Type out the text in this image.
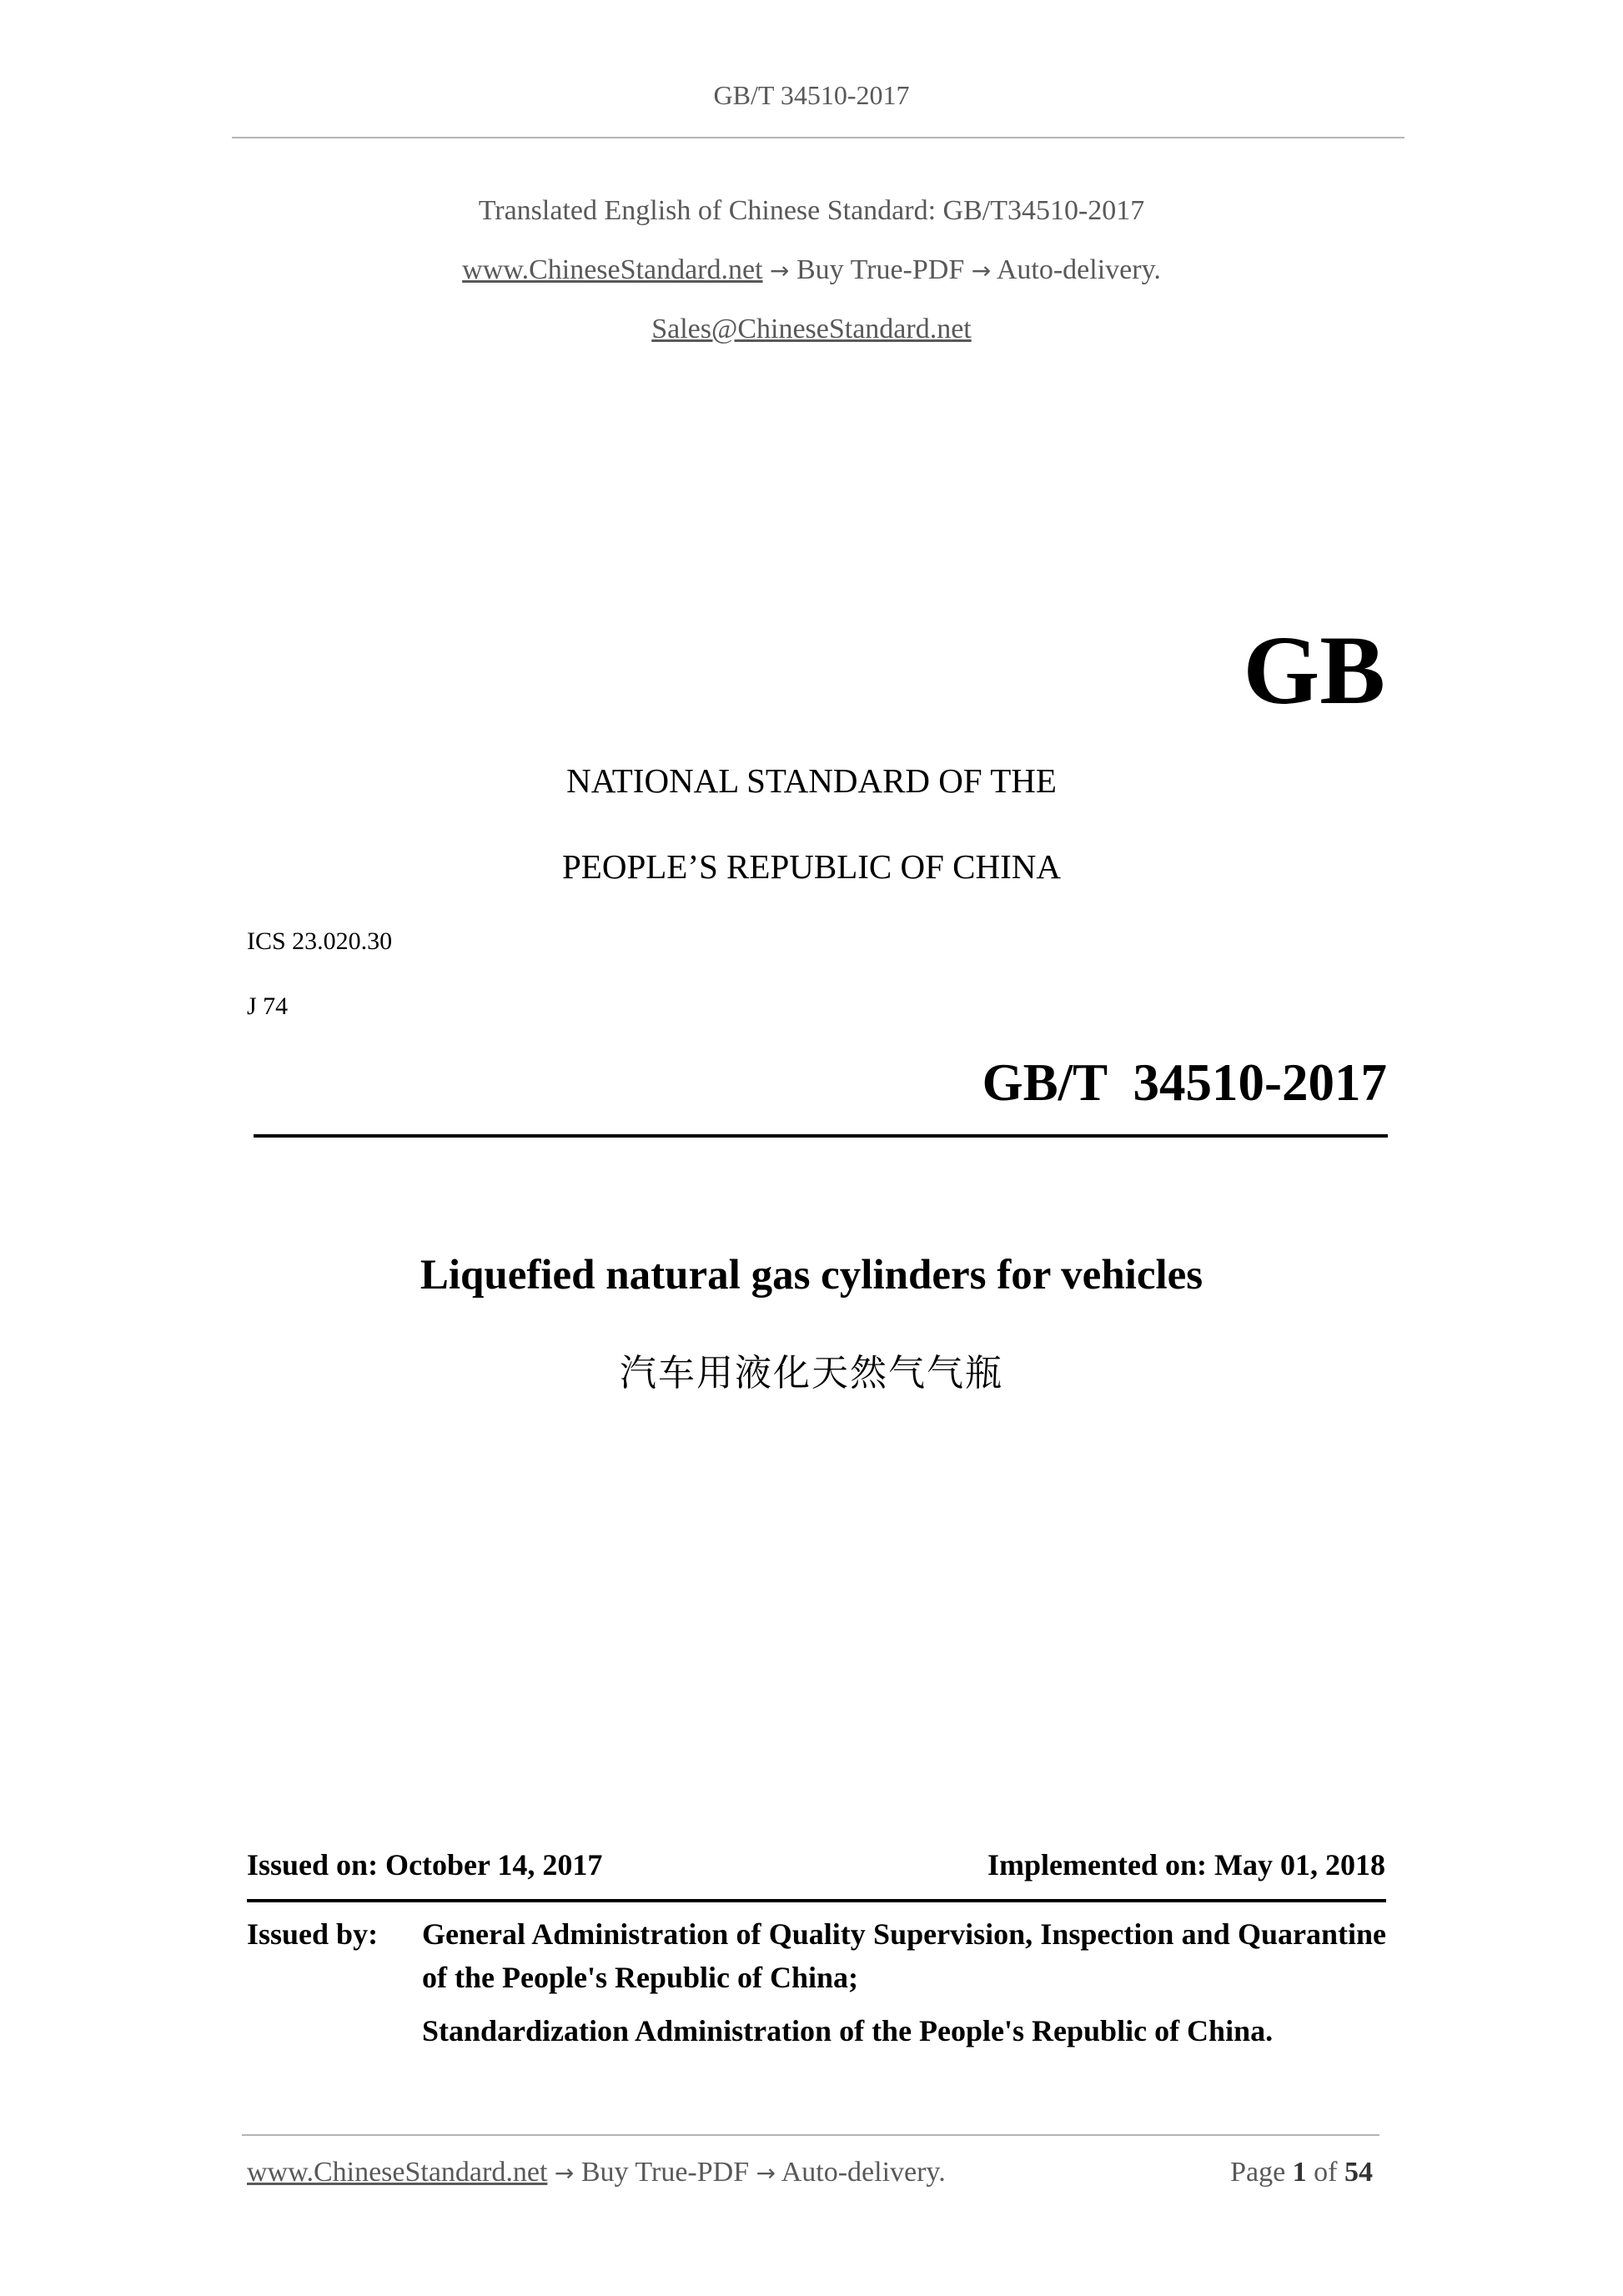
GB/T 34510-2017
Translated English of Chinese Standard: GB/T34510-2017
www.ChineseStandard.net → Buy True-PDF → Auto-delivery.
Sales@ChineseStandard.net
GB
NATIONAL STANDARD OF THE
PEOPLE’S REPUBLIC OF CHINA
ICS 23.020.30
J 74
GB/T  34510-2017
Liquefied natural gas cylinders for vehicles
汽车用液化天然气气瓶
Issued on: October 14, 2017	Implemented on: May 01, 2018
Issued by:	General Administration of Quality Supervision, Inspection and Quarantine of the People's Republic of China;
Standardization Administration of the People's Republic of China.
www.ChineseStandard.net → Buy True-PDF → Auto-delivery.	Page 1 of 54
